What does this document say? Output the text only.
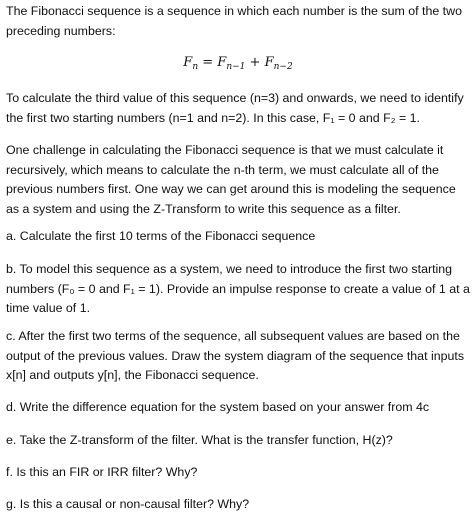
The Fibonacci sequence is a sequence in which each number is the sum of the two
preceding numbers:
$F_n = F_{n-1} + F_{n-2}$
To calculate the third value of this sequence (n=3) and onwards, we need to identify
the first two starting numbers (n=1 and n=2). In this case, F₁ = 0 and F₂ = 1.
One challenge in calculating the Fibonacci sequence is that we must calculate it
recursively, which means to calculate the n-th term, we must calculate all of the
previous numbers first. One way we can get around this is modeling the sequence
as a system and using the Z-Transform to write this sequence as a filter.
a. Calculate the first 10 terms of the Fibonacci sequence
b. To model this sequence as a system, we need to introduce the first two starting
numbers (F₀ = 0 and F₁ = 1). Provide an impulse response to create a value of 1 at a
time value of 1.
c. After the first two terms of the sequence, all subsequent values are based on the
output of the previous values. Draw the system diagram of the sequence that inputs
x[n] and outputs y[n], the Fibonacci sequence.
d. Write the difference equation for the system based on your answer from 4c
e. Take the Z-transform of the filter. What is the transfer function, H(z)?
f. Is this an FIR or IRR filter? Why?
g. Is this a causal or non-causal filter? Why?
